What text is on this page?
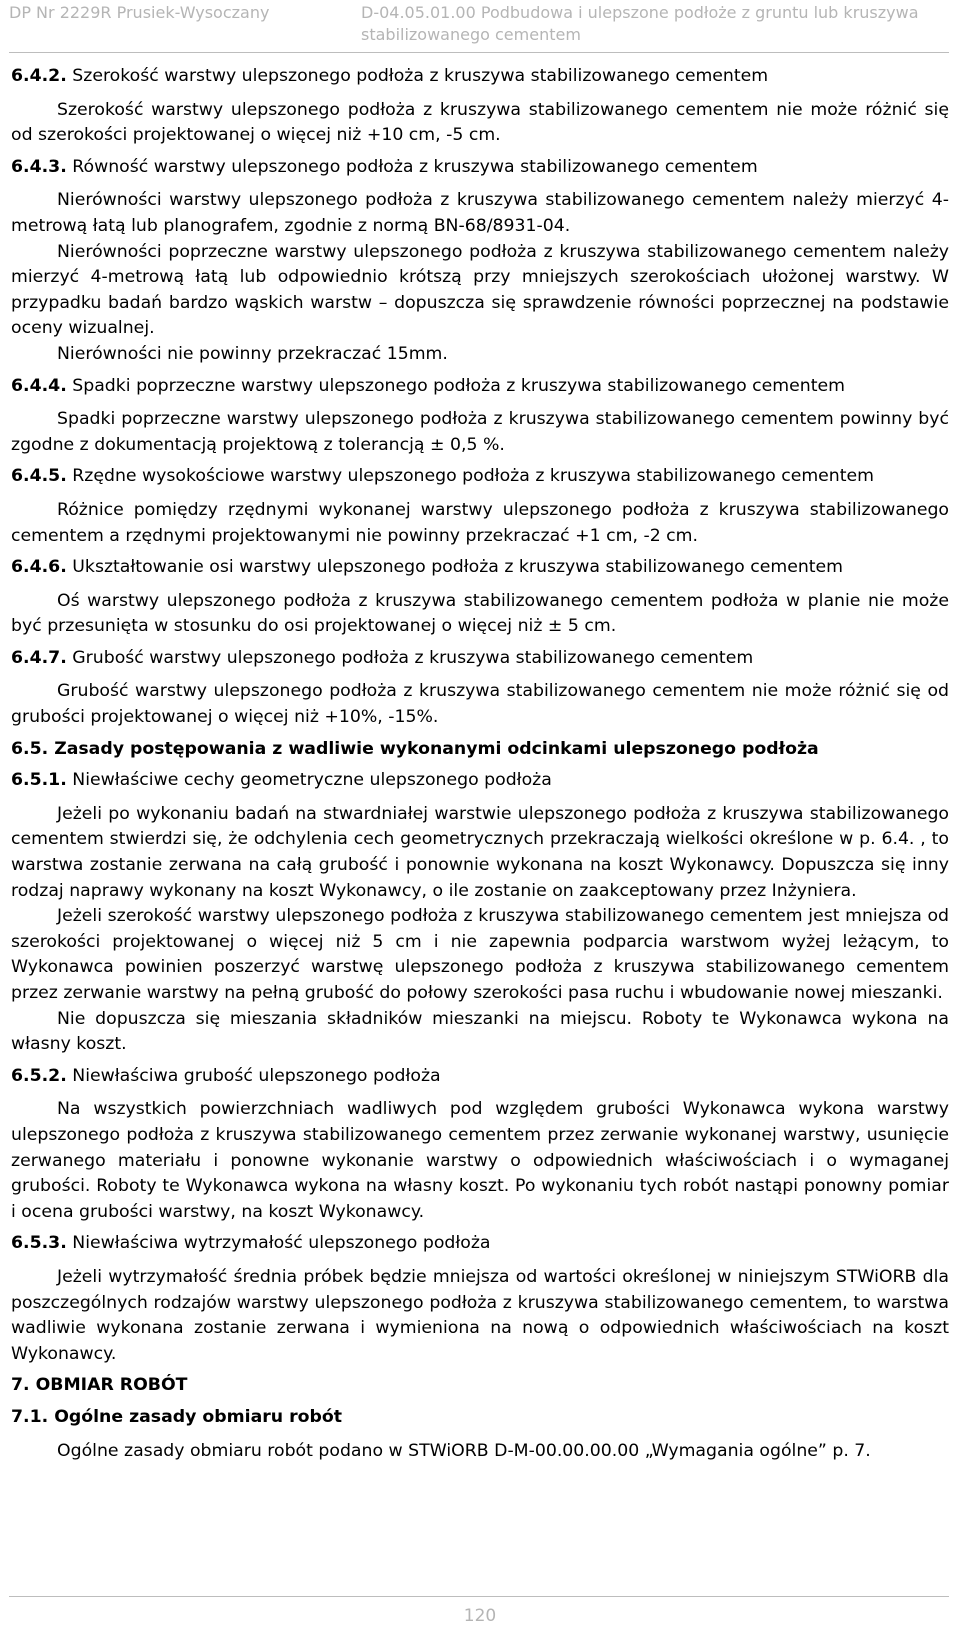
DP Nr 2229R Prusiek-Wysoczany	D-04.05.01.00 Podbudowa i ulepszone podłoże z gruntu lub kruszywa stabilizowanego cementem
6.4.2. Szerokość warstwy ulepszonego podłoża z kruszywa stabilizowanego cementem

Szerokość warstwy ulepszonego podłoża z kruszywa stabilizowanego cementem nie może różnić się od szerokości projektowanej o więcej niż +10 cm, -5 cm.

6.4.3. Równość warstwy ulepszonego podłoża z kruszywa stabilizowanego cementem

Nierówności warstwy ulepszonego podłoża z kruszywa stabilizowanego cementem należy mierzyć 4-metrową łatą lub planografem, zgodnie z normą BN-68/8931-04.

Nierówności poprzeczne warstwy ulepszonego podłoża z kruszywa stabilizowanego cementem należy mierzyć 4-metrową łatą lub odpowiednio krótszą przy mniejszych szerokościach ułożonej warstwy. W przypadku badań bardzo wąskich warstw – dopuszcza się sprawdzenie równości poprzecznej na podstawie oceny wizualnej.

Nierówności nie powinny przekraczać 15mm.

6.4.4. Spadki poprzeczne warstwy ulepszonego podłoża z kruszywa stabilizowanego cementem

Spadki poprzeczne warstwy ulepszonego podłoża z kruszywa stabilizowanego cementem powinny być zgodne z dokumentacją projektową z tolerancją ± 0,5 %.

6.4.5. Rzędne wysokościowe warstwy ulepszonego podłoża z kruszywa stabilizowanego cementem

Różnice pomiędzy rzędnymi wykonanej warstwy ulepszonego podłoża z kruszywa stabilizowanego cementem a rzędnymi projektowanymi nie powinny przekraczać +1 cm, -2 cm.

6.4.6. Ukształtowanie osi warstwy ulepszonego podłoża z kruszywa stabilizowanego cementem

Oś warstwy ulepszonego podłoża z kruszywa stabilizowanego cementem podłoża w planie nie może być przesunięta w stosunku do osi projektowanej o więcej niż ± 5 cm.

6.4.7. Grubość warstwy ulepszonego podłoża z kruszywa stabilizowanego cementem

Grubość warstwy ulepszonego podłoża z kruszywa stabilizowanego cementem nie może różnić się od grubości projektowanej o więcej niż +10%, -15%.

6.5. Zasady postępowania z wadliwie wykonanymi odcinkami ulepszonego podłoża
6.5.1. Niewłaściwe cechy geometryczne ulepszonego podłoża

Jeżeli po wykonaniu badań na stwardniałej warstwie ulepszonego podłoża z kruszywa stabilizowanego cementem stwierdzi się, że odchylenia cech geometrycznych przekraczają wielkości określone w p. 6.4. , to warstwa zostanie zerwana na całą grubość i ponownie wykonana na koszt Wykonawcy. Dopuszcza się inny rodzaj naprawy wykonany na koszt Wykonawcy, o ile zostanie on zaakceptowany przez Inżyniera.

Jeżeli szerokość warstwy ulepszonego podłoża z kruszywa stabilizowanego cementem jest mniejsza od szerokości projektowanej o więcej niż 5 cm i nie zapewnia podparcia warstwom wyżej leżącym, to Wykonawca powinien poszerzyć warstwę ulepszonego podłoża z kruszywa stabilizowanego cementem przez zerwanie warstwy na pełną grubość do połowy szerokości pasa ruchu i wbudowanie nowej mieszanki.

Nie dopuszcza się mieszania składników mieszanki na miejscu. Roboty te Wykonawca wykona na własny koszt.

6.5.2. Niewłaściwa grubość ulepszonego podłoża

Na wszystkich powierzchniach wadliwych pod względem grubości Wykonawca wykona warstwy ulepszonego podłoża z kruszywa stabilizowanego cementem przez zerwanie wykonanej warstwy, usunięcie zerwanego materiału i ponowne wykonanie warstwy o odpowiednich właściwościach i o wymaganej grubości. Roboty te Wykonawca wykona na własny koszt. Po wykonaniu tych robót nastąpi ponowny pomiar i ocena grubości warstwy, na koszt Wykonawcy.

6.5.3. Niewłaściwa wytrzymałość ulepszonego podłoża

Jeżeli wytrzymałość średnia próbek będzie mniejsza od wartości określonej w niniejszym STWiORB dla poszczególnych rodzajów warstwy ulepszonego podłoża z kruszywa stabilizowanego cementem, to warstwa wadliwie wykonana zostanie zerwana i wymieniona na nową o odpowiednich właściwościach na koszt Wykonawcy.

7. OBMIAR ROBÓT
7.1. Ogólne zasady obmiaru robót

Ogólne zasady obmiaru robót podano w STWiORB D-M-00.00.00.00 „Wymagania ogólne” p. 7.

120
